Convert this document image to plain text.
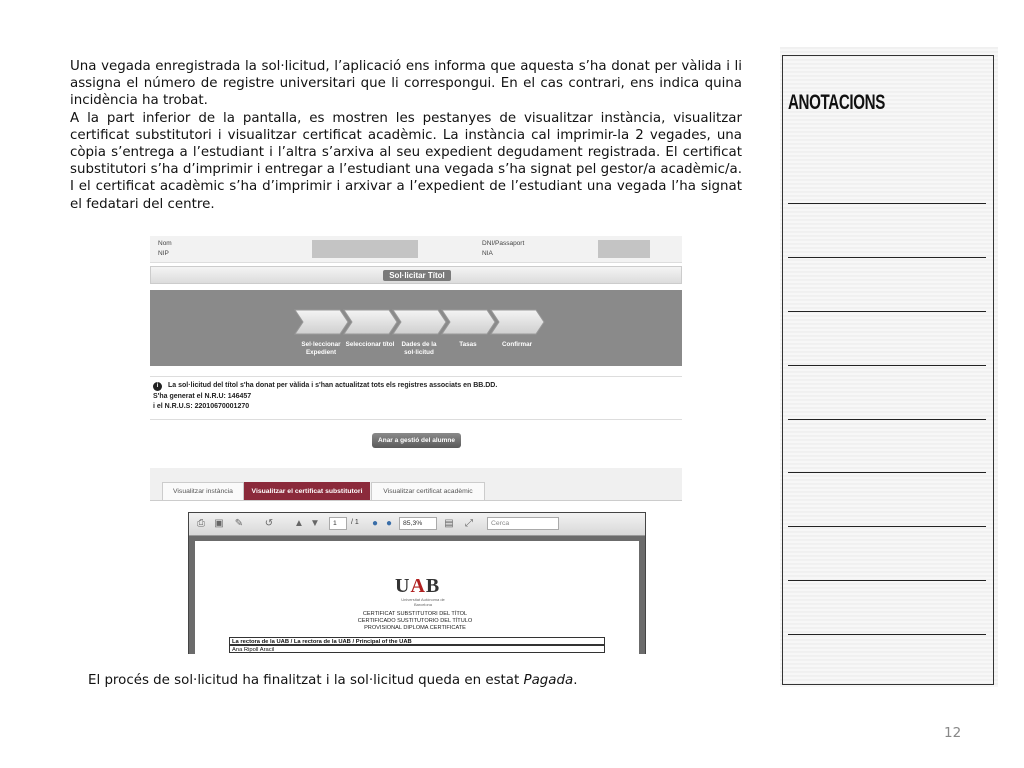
Una vegada enregistrada la sol·licitud, l’aplicació ens informa que aquesta s’ha donat per vàlida i li assigna el número de registre universitari que li correspongui. En el cas contrari, ens indica quina incidència ha trobat.

A la part inferior de la pantalla, es mostren les pestanyes de visualitzar instància, visualitzar certificat substitutori i visualitzar certificat acadèmic. La instància cal imprimir-la 2 vegades, una còpia s’entrega a l’estudiant i l’altra s’arxiva al seu expedient degudament registrada. El certificat substitutori s’ha d’imprimir i entregar a l’estudiant una vegada s’ha signat pel gestor/a acadèmic/a. I el certificat acadèmic s’ha d’imprimir i arxivar a l’expedient de l’estudiant una vegada l’ha signat el fedatari del centre.

Nom
NIP
DNI/Passaport
NIA
Sol·licitar Títol
Sel·leccionar Expedient
Seleccionar títol	Dades de la sol·licitud
Tasas	Confirmar
i	La sol·licitud del títol s'ha donat per vàlida i s'han actualitzat tots els registres associats en BB.DD.
S'ha generat el N.R.U: 146457
i el N.R.U.S: 22010670001270
Anar a gestió del alumne
Visualitzar instància	Visualitzar el certificat substitutori	Visualitzar certificat acadèmic
⎙ ▣ ✎ ↺ ▲ ▼	1	/ 1 ● ●	85,3%	▤ ⤢	Cerca
UAB
Universitat Autònoma de Barcelona
CERTIFICAT SUBSTITUTORI DEL TÍTOL
CERTIFICADO SUSTITUTORIO DEL TÍTULO
PROVISIONAL DIPLOMA CERTIFICATE
La rectora de la UAB / La rectora de la UAB / Principal of the UAB
Ana Ripoll Aracil
El procés de sol·licitud ha finalitzat i la sol·licitud queda en estat Pagada.
ANOTACIONS
12
